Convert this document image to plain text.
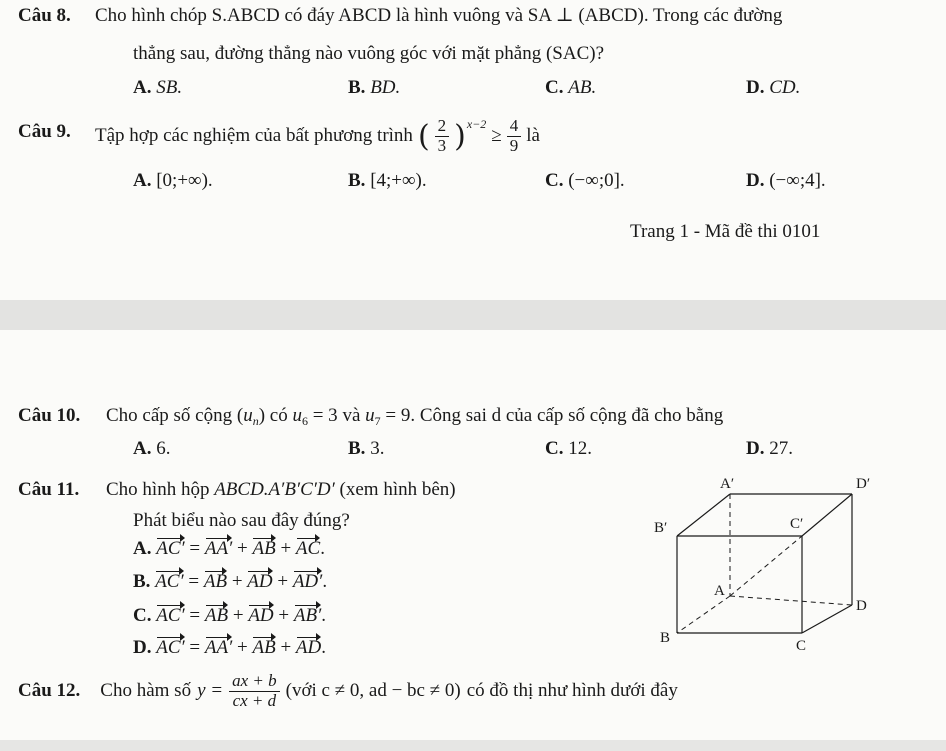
Câu 8. Cho hình chóp S.ABCD có đáy ABCD là hình vuông và SA ⊥ (ABCD). Trong các đường
thẳng sau, đường thẳng nào vuông góc với mặt phẳng (SAC)?
A. SB.	B. BD.	C. AB.	D. CD.
Câu 9. Tập hợp các nghiệm của bất phương trình ( $\frac{2}{3}$ ) x−2
≥ $\frac{4}{9}$ là
A. [0;+∞).	B. [4;+∞).	C. (−∞;0].	D. (−∞;4].
Trang 1 - Mã đề thi 0101
Câu 10. Cho cấp số cộng $(u_n)$ có $u_6 = 3$ và $u_7 = 9$. Công sai d của cấp số cộng đã cho bằng
A. 6.	B. 3.	C. 12.	D. 27.
Câu 11. Cho hình hộp ABCD.A′B′C′D′ (xem hình bên)
Phát biểu nào sau đây đúng?
A. AC′ = AA′ + AB + AC.
B. AC′ = AB + AD + AD′.
C. AC′ = AB + AD + AB′.
D. AC′ = AA′ + AB + AD.
A′	D′
B′	C′
A
D
B	C
Câu 12. Cho hàm số $y = \frac{ax + b}{cx + d}$ (với c ≠ 0, ad − bc ≠ 0) có đồ thị như hình dưới đây
